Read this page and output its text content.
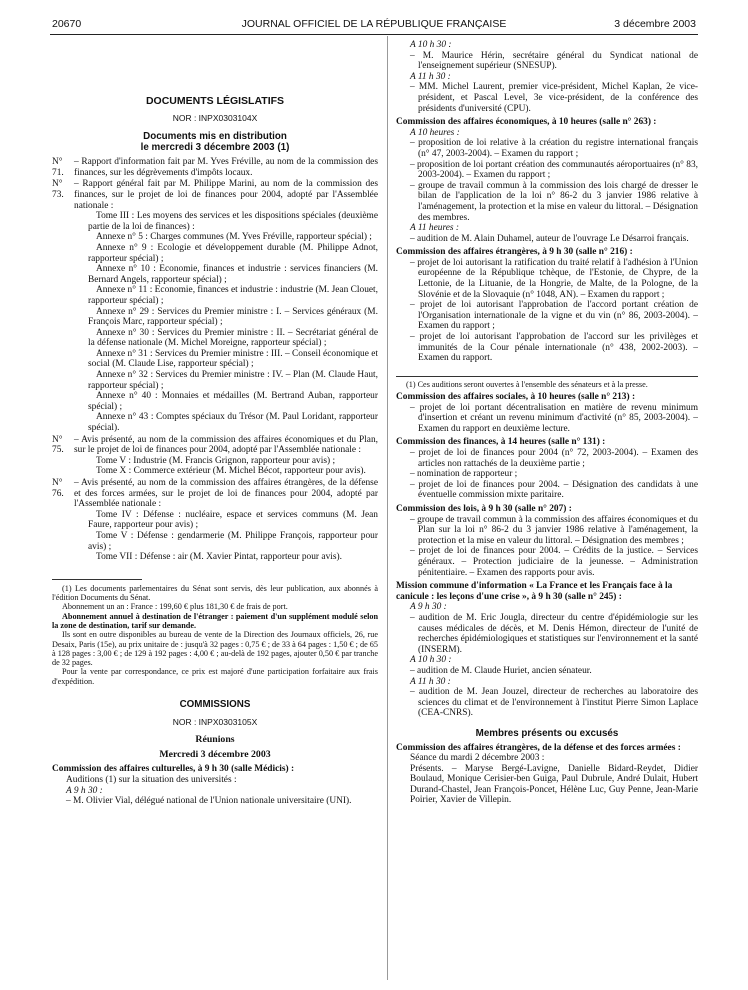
20670	JOURNAL OFFICIEL DE LA RÉPUBLIQUE FRANÇAISE	3 décembre 2003
DOCUMENTS LÉGISLATIFS
NOR : INPX0303104X
Documents mis en distribution
le mercredi 3 décembre 2003 (1)
N° 71.
– Rapport d'information fait par M. Yves Fréville, au nom de la commission des finances, sur les dégrèvements d'impôts locaux.
N° 73.
– Rapport général fait par M. Philippe Marini, au nom de la commission des finances, sur le projet de loi de finances pour 2004, adopté par l'Assemblée nationale :
Tome III : Les moyens des services et les dispositions spéciales (deuxième partie de la loi de finances) :
Annexe n° 5 : Charges communes (M. Yves Fréville, rapporteur spécial) ;
Annexe n° 9 : Ecologie et développement durable (M. Philippe Adnot, rapporteur spécial) ;
Annexe n° 10 : Economie, finances et industrie : services financiers (M. Bernard Angels, rapporteur spécial) ;
Annexe n° 11 : Economie, finances et industrie : industrie (M. Jean Clouet, rapporteur spécial) ;
Annexe n° 29 : Services du Premier ministre : I. – Services généraux (M. François Marc, rapporteur spécial) ;
Annexe n° 30 : Services du Premier ministre : II. – Secrétariat général de la défense nationale (M. Michel Moreigne, rapporteur spécial) ;
Annexe n° 31 : Services du Premier ministre : III. – Conseil économique et social (M. Claude Lise, rapporteur spécial) ;
Annexe n° 32 : Services du Premier ministre : IV. – Plan (M. Claude Haut, rapporteur spécial) ;
Annexe n° 40 : Monnaies et médailles (M. Bertrand Auban, rapporteur spécial) ;
Annexe n° 43 : Comptes spéciaux du Trésor (M. Paul Loridant, rapporteur spécial).
N° 75.
– Avis présenté, au nom de la commission des affaires économiques et du Plan, sur le projet de loi de finances pour 2004, adopté par l'Assemblée nationale :
Tome V : Industrie (M. Francis Grignon, rapporteur pour avis) ;
Tome X : Commerce extérieur (M. Michel Bécot, rapporteur pour avis).
N° 76.
– Avis présenté, au nom de la commission des affaires étrangères, de la défense et des forces armées, sur le projet de loi de finances pour 2004, adopté par l'Assemblée nationale :
Tome IV : Défense : nucléaire, espace et services communs (M. Jean Faure, rapporteur pour avis) ;
Tome V : Défense : gendarmerie (M. Philippe François, rapporteur pour avis) ;
Tome VII : Défense : air (M. Xavier Pintat, rapporteur pour avis).
(1) Les documents parlementaires du Sénat sont servis, dès leur publication, aux abonnés à l'édition Documents du Sénat.
Abonnement un an : France : 199,60 € plus 181,30 € de frais de port.
Abonnement annuel à destination de l'étranger : paiement d'un supplément modulé selon la zone de destination, tarif sur demande.
Ils sont en outre disponibles au bureau de vente de la Direction des Journaux officiels, 26, rue Desaix, Paris (15e), au prix unitaire de : jusqu'à 32 pages : 0,75 € ; de 33 à 64 pages : 1,50 € ; de 65 à 128 pages : 3,00 € ; de 129 à 192 pages : 4,00 € ; au-delà de 192 pages, ajouter 0,50 € par tranche de 32 pages.
Pour la vente par correspondance, ce prix est majoré d'une participation forfaitaire aux frais d'expédition.
COMMISSIONS
NOR : INPX0303105X
Réunions
Mercredi 3 décembre 2003
Commission des affaires culturelles, à 9 h 30 (salle Médicis) :
Auditions (1) sur la situation des universités :
A 9 h 30 :
– M. Olivier Vial, délégué national de l'Union nationale universitaire (UNI).
A 10 h 30 :
– M. Maurice Hérin, secrétaire général du Syndicat national de l'enseignement supérieur (SNESUP).
A 11 h 30 :
– MM. Michel Laurent, premier vice-président, Michel Kaplan, 2e vice-président, et Pascal Level, 3e vice-président, de la conférence des présidents d'université (CPU).
Commission des affaires économiques, à 10 heures (salle n° 263) :
A 10 heures :
– proposition de loi relative à la création du registre international français (n° 47, 2003-2004). – Examen du rapport ;
– proposition de loi portant création des communautés aéroportuaires (n° 83, 2003-2004). – Examen du rapport ;
– groupe de travail commun à la commission des lois chargé de dresser le bilan de l'application de la loi n° 86-2 du 3 janvier 1986 relative à l'aménagement, la protection et la mise en valeur du littoral. – Désignation des membres.
A 11 heures :
– audition de M. Alain Duhamel, auteur de l'ouvrage Le Désarroi français.
Commission des affaires étrangères, à 9 h 30 (salle n° 216) :
– projet de loi autorisant la ratification du traité relatif à l'adhésion à l'Union européenne de la République tchèque, de l'Estonie, de Chypre, de la Lettonie, de la Lituanie, de la Hongrie, de Malte, de la Pologne, de la Slovénie et de la Slovaquie (n° 1048, AN). – Examen du rapport ;
– projet de loi autorisant l'approbation de l'accord portant création de l'Organisation internationale de la vigne et du vin (n° 86, 2003-2004). – Examen du rapport ;
– projet de loi autorisant l'approbation de l'accord sur les privilèges et immunités de la Cour pénale internationale (n° 438, 2002-2003). – Examen du rapport.
(1) Ces auditions seront ouvertes à l'ensemble des sénateurs et à la presse.
Commission des affaires sociales, à 10 heures (salle n° 213) :
– projet de loi portant décentralisation en matière de revenu minimum d'insertion et créant un revenu minimum d'activité (n° 85, 2003-2004). – Examen du rapport en deuxième lecture.
Commission des finances, à 14 heures (salle n° 131) :
– projet de loi de finances pour 2004 (n° 72, 2003-2004). – Examen des articles non rattachés de la deuxième partie ;
– nomination de rapporteur ;
– projet de loi de finances pour 2004. – Désignation des candidats à une éventuelle commission mixte paritaire.
Commission des lois, à 9 h 30 (salle n° 207) :
– groupe de travail commun à la commission des affaires économiques et du Plan sur la loi n° 86-2 du 3 janvier 1986 relative à l'aménagement, la protection et la mise en valeur du littoral. – Désignation des membres ;
– projet de loi de finances pour 2004. – Crédits de la justice. – Services généraux. – Protection judiciaire de la jeunesse. – Administration pénitentiaire. – Examen des rapports pour avis.
Mission commune d'information « La France et les Français face à la canicule : les leçons d'une crise », à 9 h 30 (salle n° 245) :
A 9 h 30 :
– audition de M. Eric Jougla, directeur du centre d'épidémiologie sur les causes médicales de décès, et M. Denis Hémon, directeur de l'unité de recherches épidémiologiques et statistiques sur l'environnement et la santé (INSERM).
A 10 h 30 :
– audition de M. Claude Huriet, ancien sénateur.
A 11 h 30 :
– audition de M. Jean Jouzel, directeur de recherches au laboratoire des sciences du climat et de l'environnement à l'institut Pierre Simon Laplace (CEA-CNRS).
Membres présents ou excusés
Commission des affaires étrangères, de la défense et des forces armées :
Séance du mardi 2 décembre 2003 :
Présents. – Maryse Bergé-Lavigne, Danielle Bidard-Reydet, Didier Boulaud, Monique Cerisier-ben Guiga, Paul Dubrule, André Dulait, Hubert Durand-Chastel, Jean François-Poncet, Hélène Luc, Guy Penne, Jean-Marie Poirier, Xavier de Villepin.
